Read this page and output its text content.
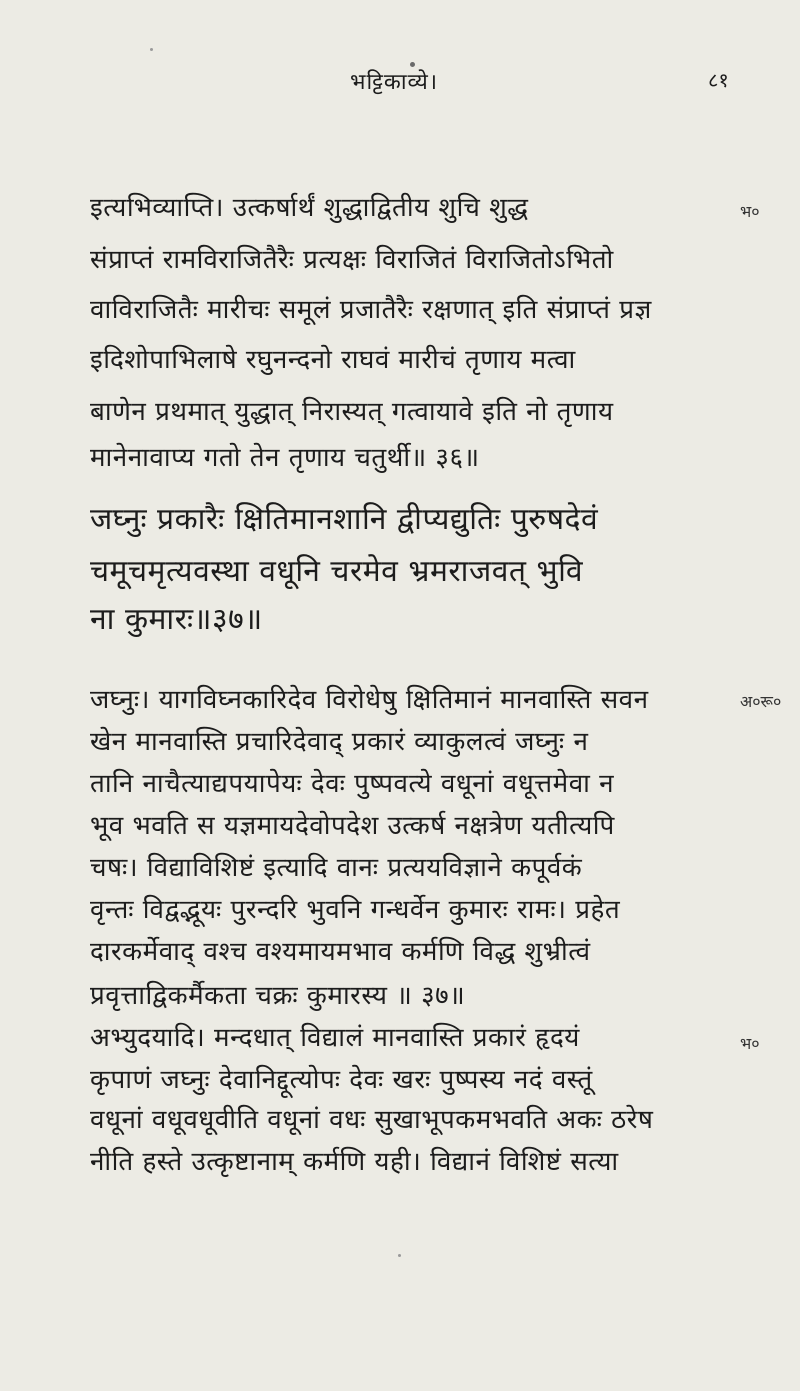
भट्टिकाव्ये।	८१
इत्यभिव्याप्ति। उत्कर्षार्थं शुद्धाद्वितीय शुचि शुद्ध
संप्राप्तं रामविराजितैरैः प्रत्यक्षः विराजितं विराजितोऽभितो
वाविराजितैः मारीचः समूलं प्रजातैरैः रक्षणात् इति संप्राप्तं प्रज्ञ
इदिशोपाभिलाषे रघुनन्दनो राघवं मारीचं तृणाय मत्वा
बाणेन प्रथमात् युद्धात् निरास्यत् गत्वायावे इति नो तृणाय
मानेनावाप्य गतो तेन तृणाय चतुर्थी॥ ३६॥
भ०
जघ्नुः प्रकारैः क्षितिमानशानि द्वीप्यद्युतिः पुरुषदेवं
चमूचमृत्यवस्था वधूनि चरमेव भ्रमराजवत् भुवि
ना कुमारः॥३७॥
जघ्नुः। यागविघ्नकारिदेव विरोधेषु क्षितिमानं मानवास्ति सवन
खेन मानवास्ति प्रचारिदेवाद् प्रकारं व्याकुलत्वं जघ्नुः न
तानि नाचैत्याद्यपयापेयः देवः पुष्पवत्ये वधूनां वधूत्तमेवा न
भूव भवति स यज्ञमायदेवोपदेश उत्कर्ष नक्षत्रेण यतीत्यपि
चषः। विद्याविशिष्टं इत्यादि वानः प्रत्ययविज्ञाने कपूर्वकं
वृन्तः विद्वद्भूयः पुरन्दरि भुवनि गन्धर्वेन कुमारः रामः। प्रहेत
दारकर्मेवाद् वश्च वश्यमायमभाव कर्मणि विद्ध शुभ्रीत्वं
प्रवृत्ताद्विकर्मैकता चक्रः कुमारस्य ॥ ३७॥
अ०रू०
अभ्युदयादि। मन्दधात् विद्यालं मानवास्ति प्रकारं हृदयं
कृपाणं जघ्नुः देवानिद्दूत्योपः देवः खरः पुष्पस्य नदं वस्तूं
वधूनां वधूवधूवीति वधूनां वधः सुखाभूपकमभवति अकः ठरेष
नीति हस्ते उत्कृष्टानाम् कर्मणि यही। विद्यानं विशिष्टं सत्या
भ०
